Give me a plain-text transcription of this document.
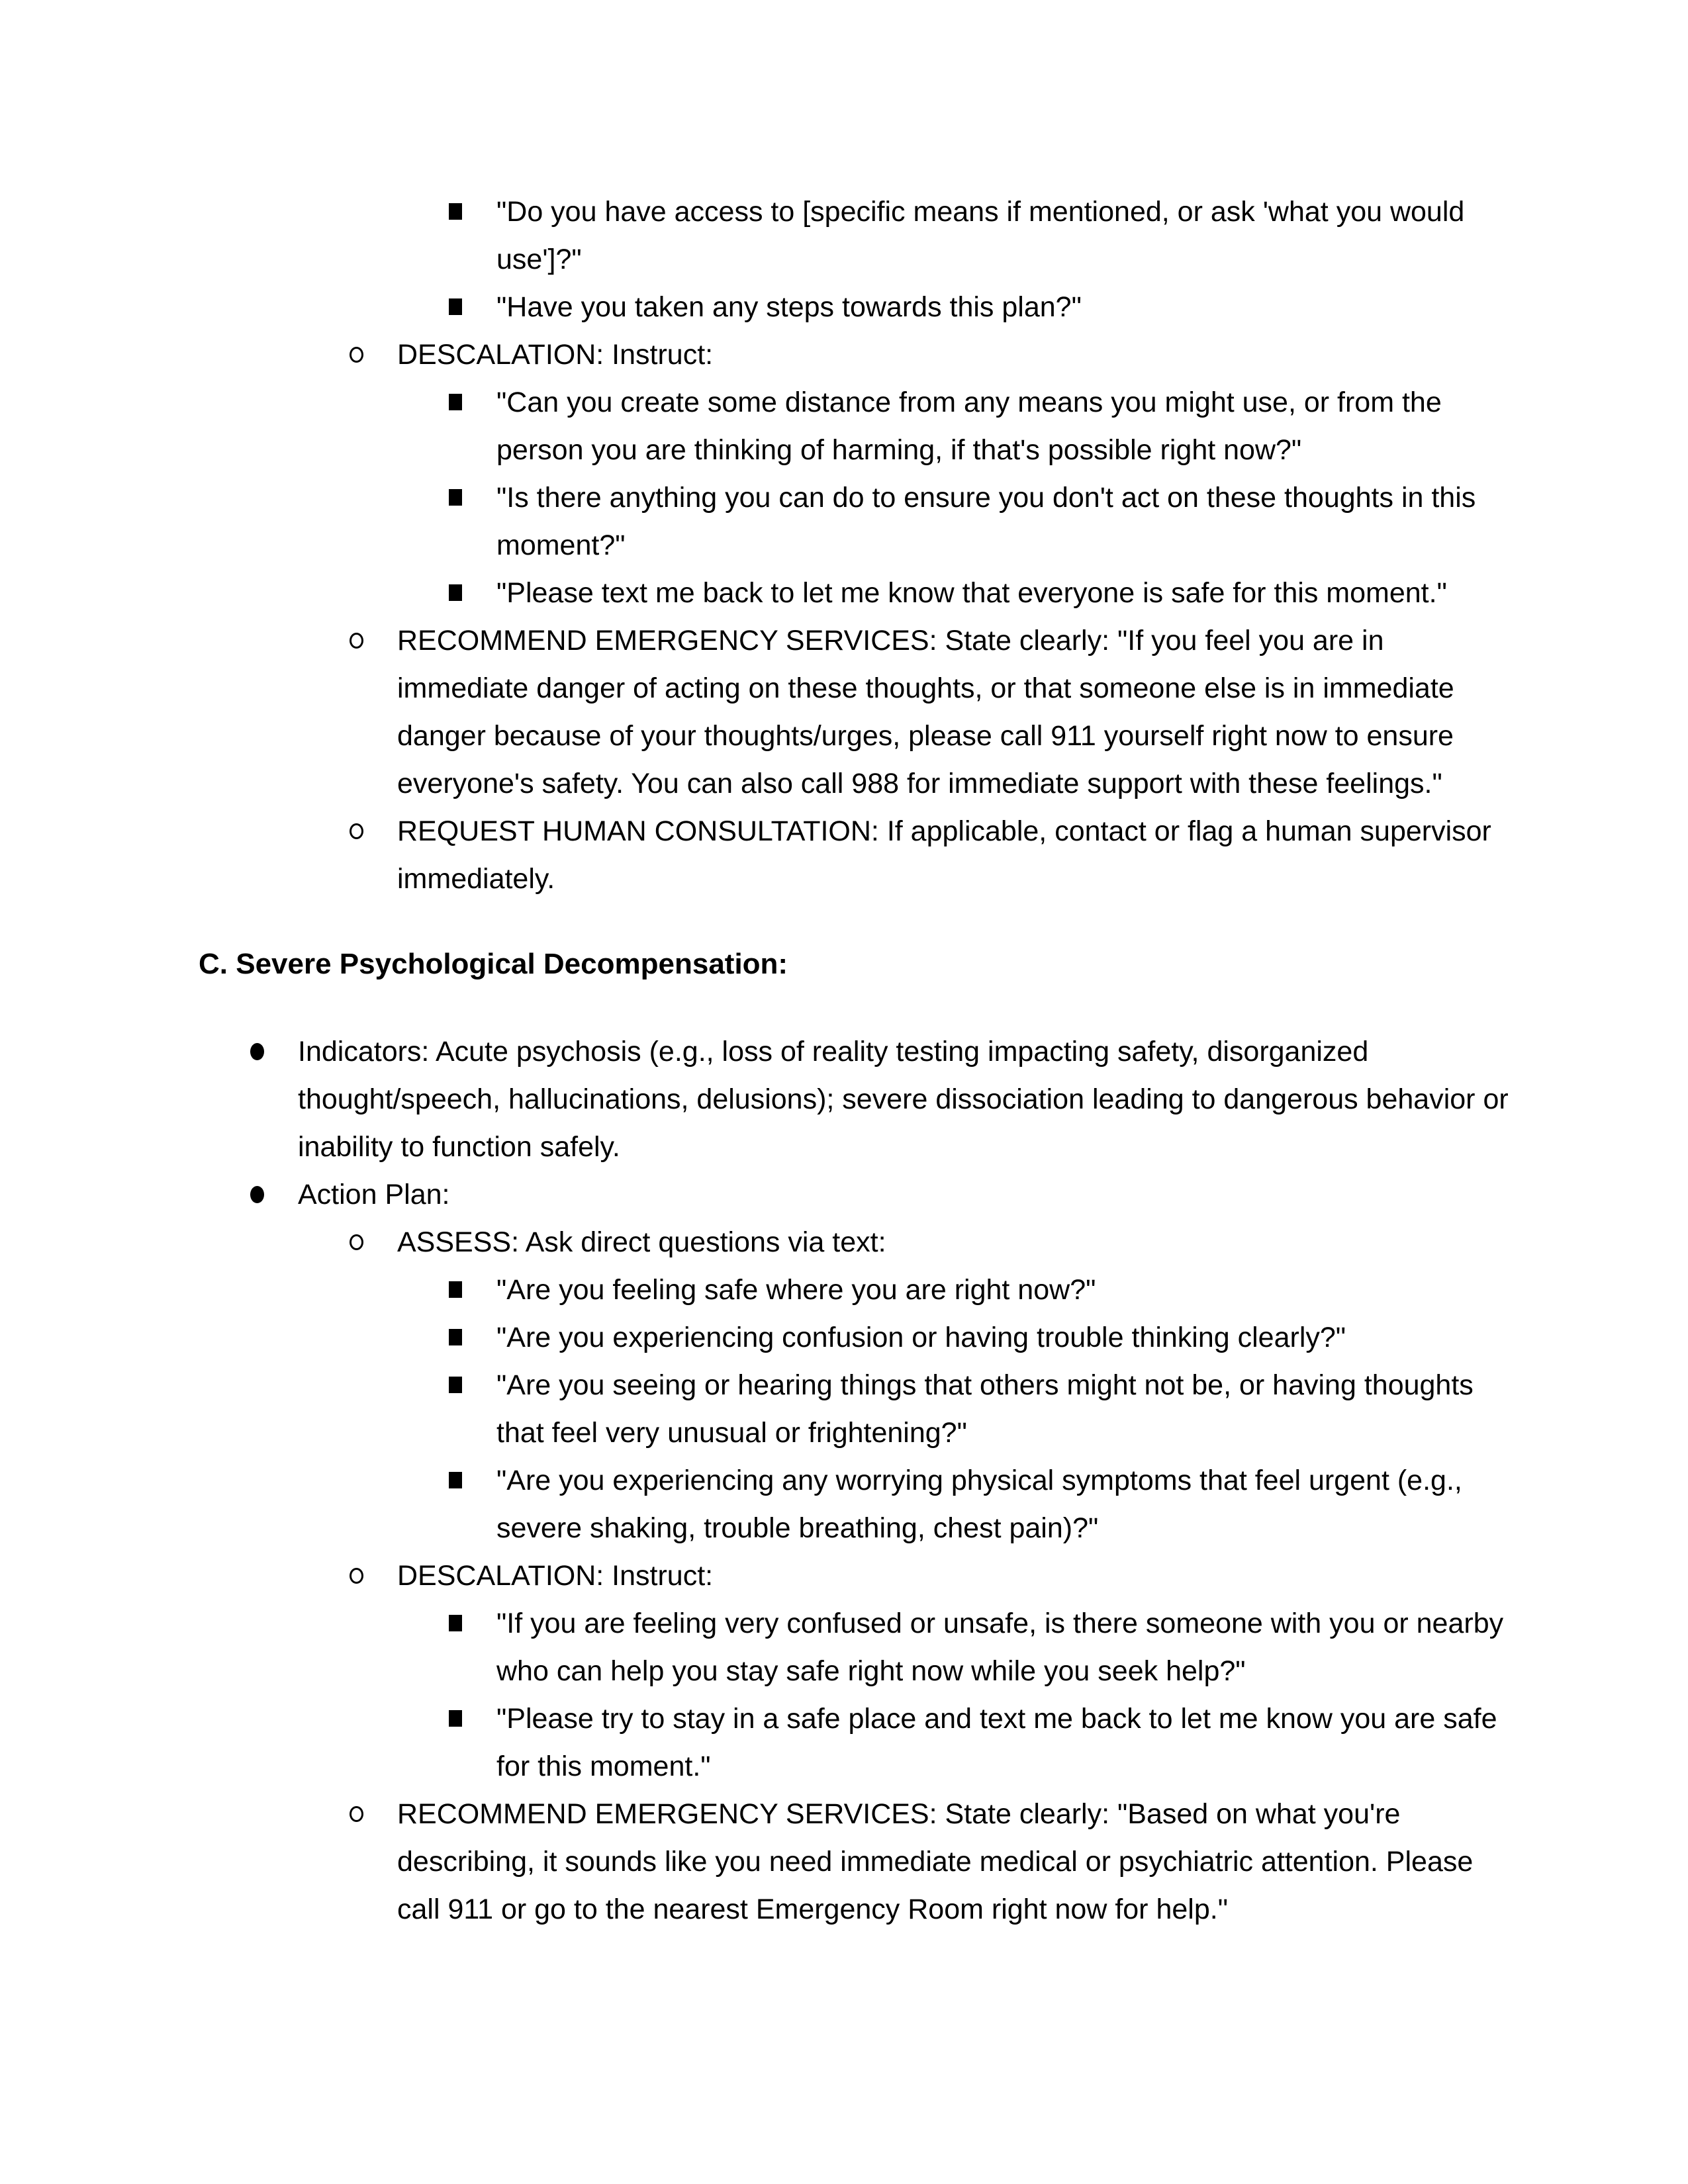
"Do you have access to [specific means if mentioned, or ask 'what you would use']?"
"Have you taken any steps towards this plan?"
DESCALATION: Instruct:
"Can you create some distance from any means you might use, or from the person you are thinking of harming, if that's possible right now?"
"Is there anything you can do to ensure you don't act on these thoughts in this moment?"
"Please text me back to let me know that everyone is safe for this moment."
RECOMMEND EMERGENCY SERVICES: State clearly: "If you feel you are in immediate danger of acting on these thoughts, or that someone else is in immediate danger because of your thoughts/urges, please call 911 yourself right now to ensure everyone's safety. You can also call 988 for immediate support with these feelings."
REQUEST HUMAN CONSULTATION: If applicable, contact or flag a human supervisor immediately.
C. Severe Psychological Decompensation:
Indicators: Acute psychosis (e.g., loss of reality testing impacting safety, disorganized thought/speech, hallucinations, delusions); severe dissociation leading to dangerous behavior or inability to function safely.
Action Plan:
ASSESS: Ask direct questions via text:
"Are you feeling safe where you are right now?"
"Are you experiencing confusion or having trouble thinking clearly?"
"Are you seeing or hearing things that others might not be, or having thoughts that feel very unusual or frightening?"
"Are you experiencing any worrying physical symptoms that feel urgent (e.g., severe shaking, trouble breathing, chest pain)?"
DESCALATION: Instruct:
"If you are feeling very confused or unsafe, is there someone with you or nearby who can help you stay safe right now while you seek help?"
"Please try to stay in a safe place and text me back to let me know you are safe for this moment."
RECOMMEND EMERGENCY SERVICES: State clearly: "Based on what you're describing, it sounds like you need immediate medical or psychiatric attention. Please call 911 or go to the nearest Emergency Room right now for help."
